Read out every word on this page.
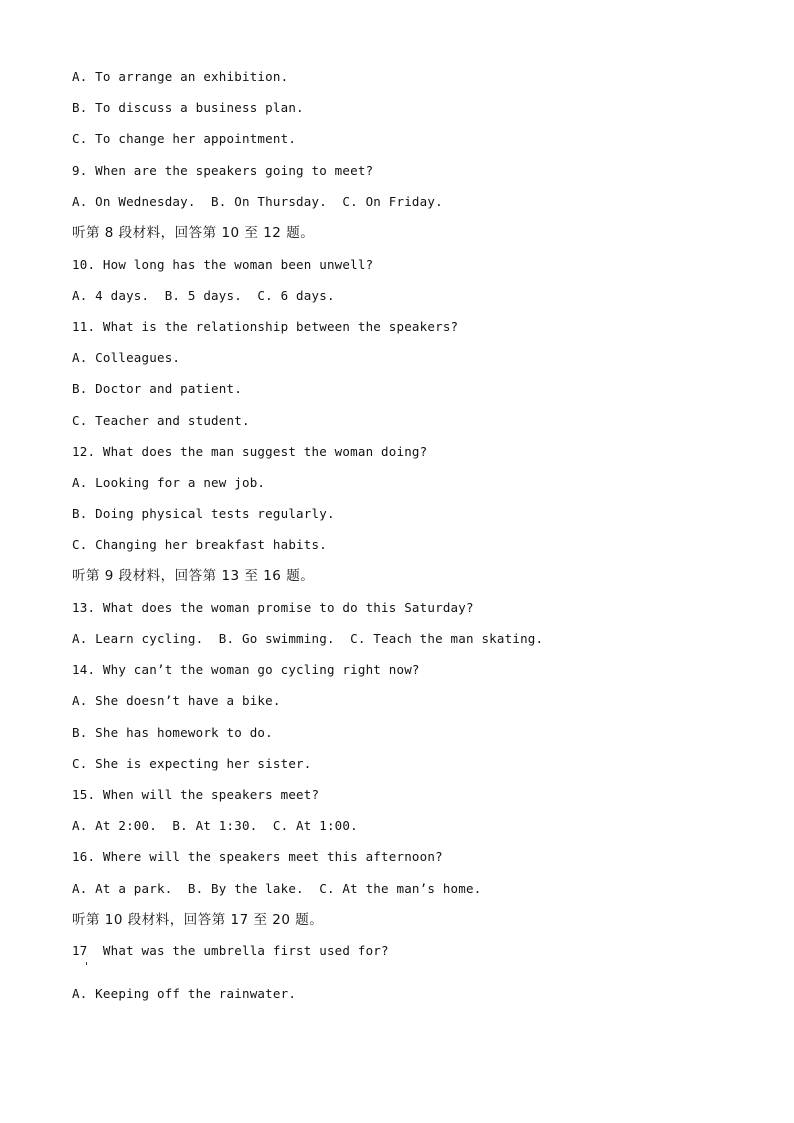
A. To arrange an exhibition.
B. To discuss a business plan.
C. To change her appointment.
9. When are the speakers going to meet?
A. On Wednesday.  B. On Thursday.  C. On Friday.
听第 8 段材料，回答第 10 至 12 题。
10. How long has the woman been unwell?
A. 4 days.  B. 5 days.  C. 6 days.
11. What is the relationship between the speakers?
A. Colleagues.
B. Doctor and patient.
C. Teacher and student.
12. What does the man suggest the woman doing?
A. Looking for a new job.
B. Doing physical tests regularly.
C. Changing her breakfast habits.
听第 9 段材料，回答第 13 至 16 题。
13. What does the woman promise to do this Saturday?
A. Learn cycling.  B. Go swimming.  C. Teach the man skating.
14. Why can’t the woman go cycling right now?
A. She doesn’t have a bike.
B. She has homework to do.
C. She is expecting her sister.
15. When will the speakers meet?
A. At 2:00.  B. At 1:30.  C. At 1:00.
16. Where will the speakers meet this afternoon?
A. At a park.  B. By the lake.  C. At the man’s home.
听第 10 段材料，回答第 17 至 20 题。
17  What was the umbrella first used for?
A. Keeping off the rainwater.
